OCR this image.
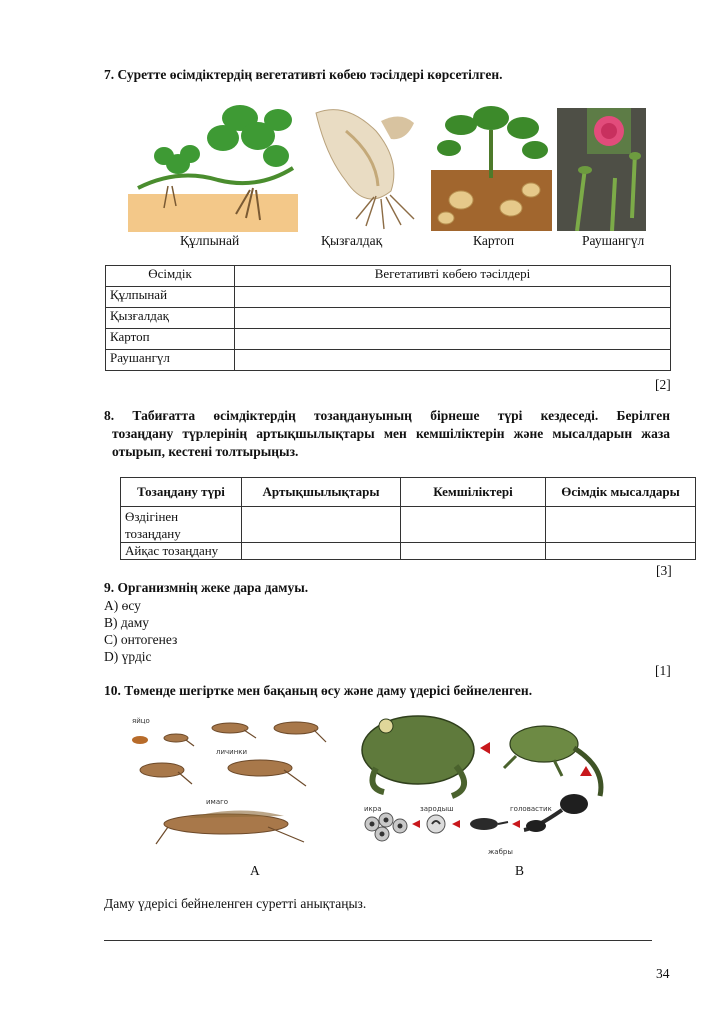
7. Суретте өсімдіктердің вегетативті көбею тәсілдері көрсетілген.
Құлпынай	Қызғалдақ	Картоп	Раушангүл
Өсімдік	Вегетативті көбею тәсілдері
Құлпынай	
Қызғалдақ	
Картоп	
Раушангүл	
[2]
8. Табиғатта өсімдіктердің тозаңдануының бірнеше түрі кездеседі. Берілген
тозаңдану түрлерінің артықшылықтары мен кемшіліктерін және мысалдарын жаза
отырып, кестені толтырыңыз.
Тозаңдану түрі	Артықшылықтары	Кемшіліктері	Өсімдік мысалдары
Өздігінен тозаңдану			
Айқас тозаңдану			
[3]
9. Организмнің жеке дара дамуы.
A) өсу
B) даму
C) онтогенез
D) үрдіс
[1]
10. Төменде шегіртке мен бақаның өсу және даму үдерісі бейнеленген.
яйцо
личинки
имаго
икра	зародыш	головастик
жабры
A	B
Даму үдерісі бейнеленген суретті анықтаңыз.
34
